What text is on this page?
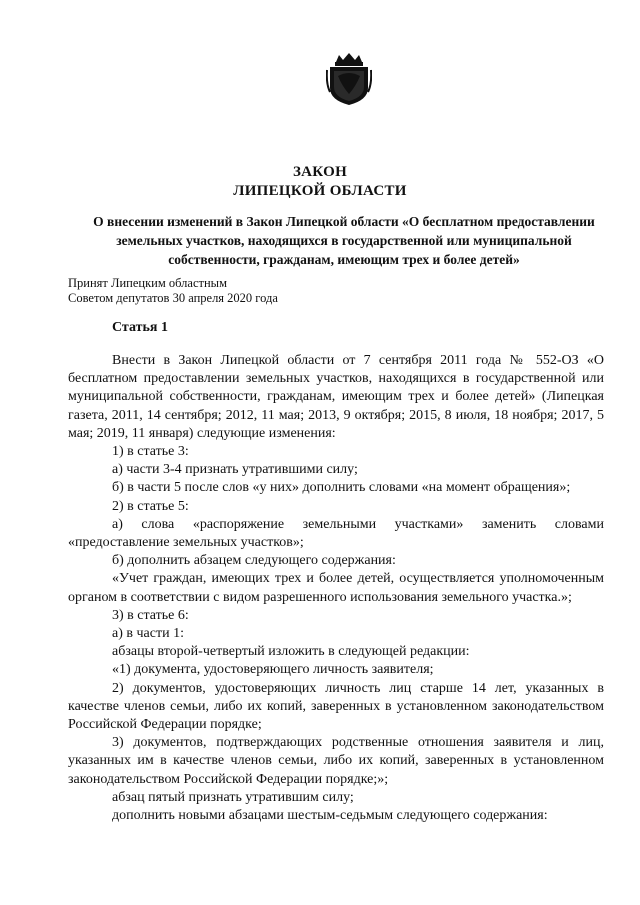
ЗАКОН
ЛИПЕЦКОЙ ОБЛАСТИ
О внесении изменений в Закон Липецкой области «О бесплатном предоставлении земельных участков, находящихся в государственной или муниципальной собственности, гражданам, имеющим трех и более детей»
Принят Липецким областным
Советом депутатов 30 апреля 2020 года
Статья 1

Внести в Закон Липецкой области от 7 сентября 2011 года № 552-ОЗ «О бесплатном предоставлении земельных участков, находящихся в государственной или муниципальной собственности, гражданам, имеющим трех и более детей» (Липецкая газета, 2011, 14 сентября; 2012, 11 мая; 2013, 9 октября; 2015, 8 июля, 18 ноября; 2017, 5 мая; 2019, 11 января) следующие изменения:

1) в статье 3:

а) части 3-4 признать утратившими силу;

б) в части 5 после слов «у них» дополнить словами «на момент обращения»;

2) в статье 5:

а) слова «распоряжение земельными участками» заменить словами «предоставление земельных участков»;

б) дополнить абзацем следующего содержания:

«Учет граждан, имеющих трех и более детей, осуществляется уполномоченным органом в соответствии с видом разрешенного использования земельного участка.»;

3) в статье 6:

а) в части 1:

абзацы второй-четвертый изложить в следующей редакции:

«1) документа, удостоверяющего личность заявителя;

2) документов, удостоверяющих личность лиц старше 14 лет, указанных в качестве членов семьи, либо их копий, заверенных в установленном законодательством Российской Федерации порядке;

3) документов, подтверждающих родственные отношения заявителя и лиц, указанных им в качестве членов семьи, либо их копий, заверенных в установленном законодательством Российской Федерации порядке;»;

абзац пятый признать утратившим силу;

дополнить новыми абзацами шестым-седьмым следующего содержания:
